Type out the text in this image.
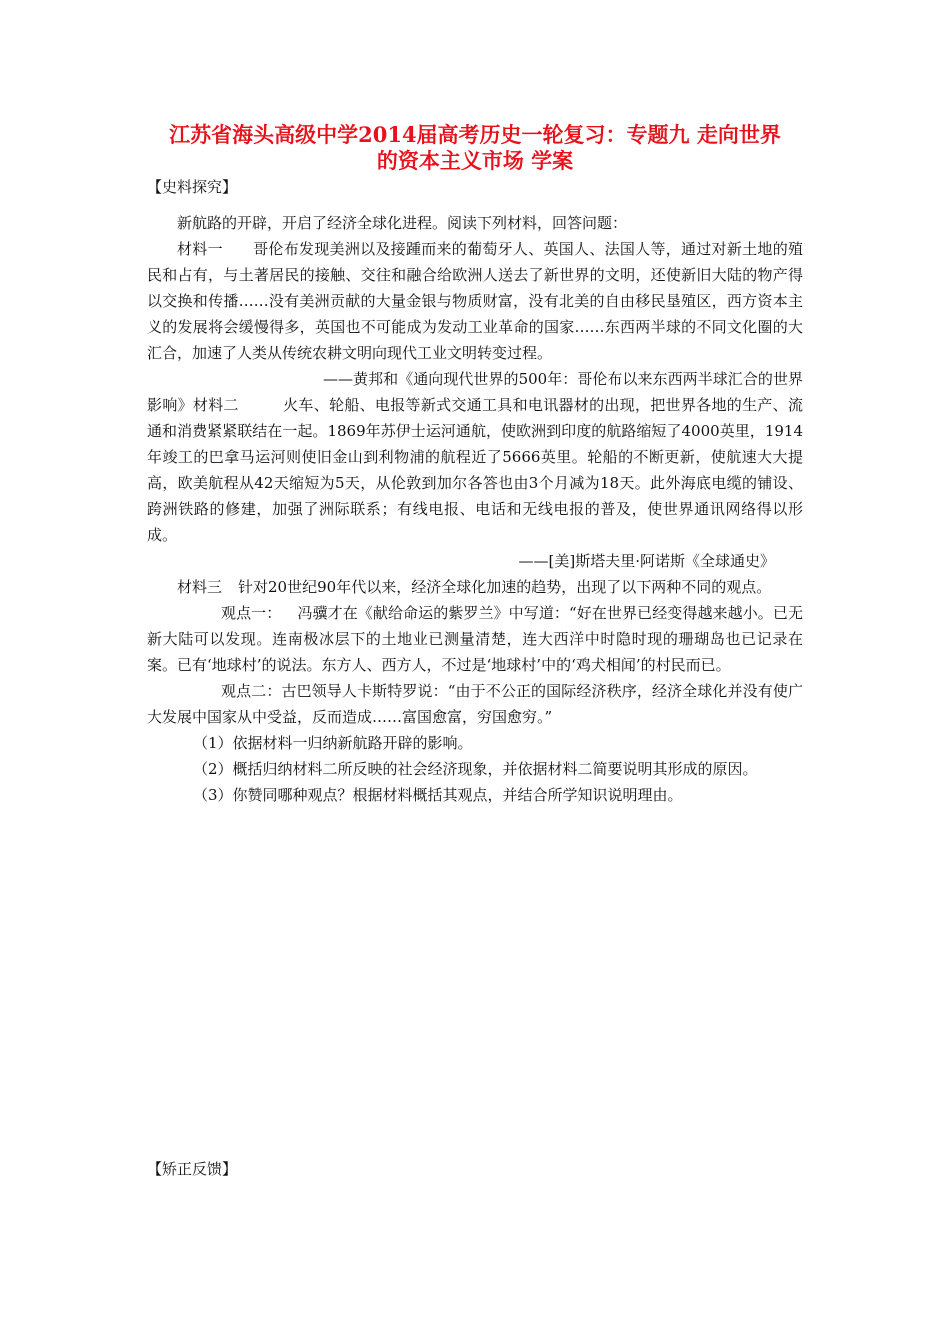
江苏省海头高级中学2014届高考历史一轮复习：专题九 走向世界
的资本主义市场 学案
【史料探究】

新航路的开辟，开启了经济全球化进程。阅读下列材料，回答问题：

材料一 哥伦布发现美洲以及接踵而来的葡萄牙人、英国人、法国人等，通过对新土地的殖民和占有，与土著居民的接触、交往和融合给欧洲人送去了新世界的文明，还使新旧大陆的物产得以交换和传播……没有美洲贡献的大量金银与物质财富，没有北美的自由移民垦殖区，西方资本主义的发展将会缓慢得多，英国也不可能成为发动工业革命的国家……东西两半球的不同文化圈的大汇合，加速了人类从传统农耕文明向现代工业文明转变过程。

——黄邦和《通向现代世界的500年：哥伦布以来东西两半球汇合的世界影响》材料二	火车、轮船、电报等新式交通工具和电讯器材的出现，把世界各地的生产、流通和消费紧紧联结在一起。1869年苏伊士运河通航，使欧洲到印度的航路缩短了4000英里，1914年竣工的巴拿马运河则使旧金山到利物浦的航程近了5666英里。轮船的不断更新，使航速大大提高，欧美航程从42天缩短为5天，从伦敦到加尔各答也由3个月减为18天。此外海底电缆的铺设、跨洲铁路的修建，加强了洲际联系；有线电报、电话和无线电报的普及，使世界通讯网络得以形成。

——[美]斯塔夫里·阿诺斯《全球通史》

材料三 针对20世纪90年代以来，经济全球化加速的趋势，出现了以下两种不同的观点。

观点一： 冯骥才在《献给命运的紫罗兰》中写道：“好在世界已经变得越来越小。已无新大陆可以发现。连南极冰层下的土地业已测量清楚，连大西洋中时隐时现的珊瑚岛也已记录在案。已有‘地球村’的说法。东方人、西方人，不过是‘地球村’中的‘鸡犬相闻’的村民而已。

观点二：古巴领导人卡斯特罗说：“由于不公正的国际经济秩序，经济全球化并没有使广大发展中国家从中受益，反而造成……富国愈富，穷国愈穷。”

（1）依据材料一归纳新航路开辟的影响。

（2）概括归纳材料二所反映的社会经济现象，并依据材料二简要说明其形成的原因。

（3）你赞同哪种观点？根据材料概括其观点，并结合所学知识说明理由。

【矫正反馈】
